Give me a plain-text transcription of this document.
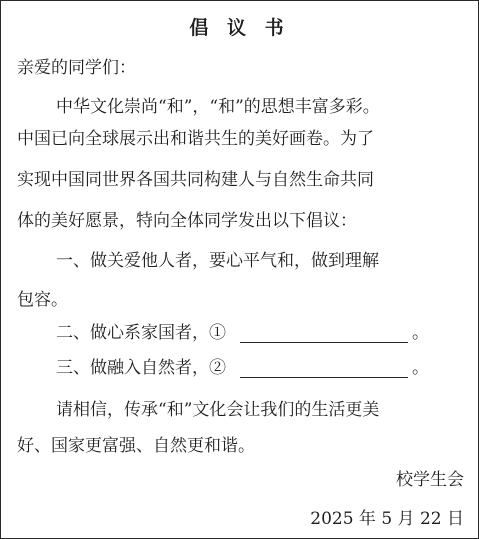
倡 议 书
亲爱的同学们：
中华文化崇尚“和”，“和”的思想丰富多彩。
中国已向全球展示出和谐共生的美好画卷。为了
实现中国同世界各国共同构建人与自然生命共同
体的美好愿景，特向全体同学发出以下倡议：
一、做关爱他人者，要心平气和，做到理解
包容。
二、做心系家国者，①	。
三、做融入自然者，②	。
请相信，传承“和”文化会让我们的生活更美
好、国家更富强、自然更和谐。
校学生会
2025 年 5 月 22 日
